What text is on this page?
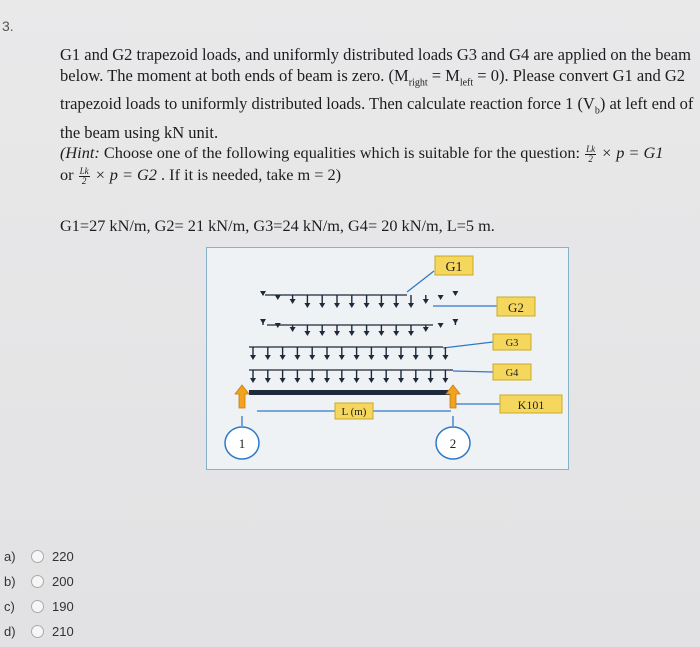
3.
G1 and G2 trapezoid loads, and uniformly distributed loads G3 and G4 are applied on the beam below. The moment at both ends of beam is zero. $(M_{right} = M_{left} = 0)$. Please convert G1 and G2 trapezoid loads to uniformly distributed loads. Then calculate reaction force 1 $(V_b)$ at left end of the beam using kN unit.
(Hint: Choose one of the following equalities which is suitable for the question: $\frac{Lk}{2} \times p = G1$
or $\frac{Lk}{2} \times p = G2$ . If it is needed, take m = 2)
G1=27 kN/m, G2= 21 kN/m, G3=24 kN/m, G4= 20 kN/m, L=5 m.
G1
G2
G3
G4
K101
L (m)
1	2
a)	220
b)	200
c)	190
d)	210
